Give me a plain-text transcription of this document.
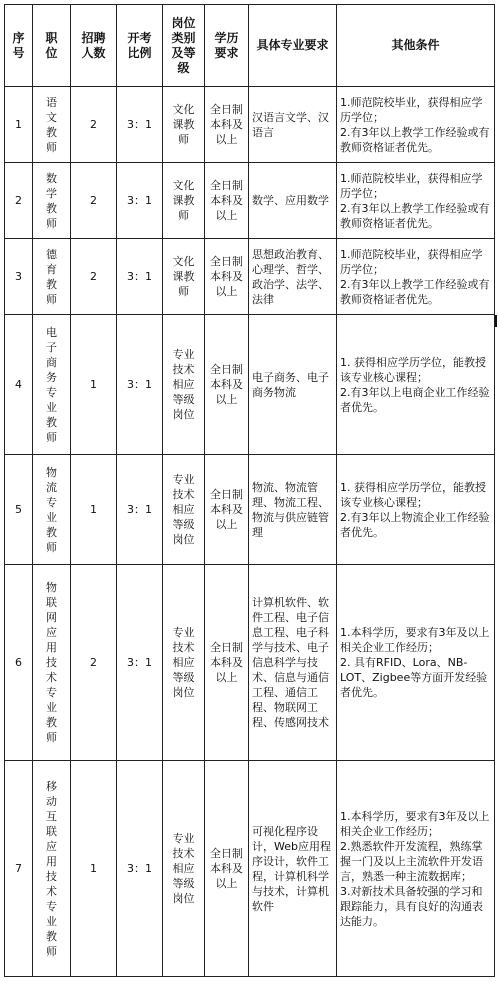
序号	职位	招聘人数	开考比例	岗位类别及等级	学历要求	具体专业要求	其他条件
1	语文教师	2	3：1	文化课教师	全日制本科及以上	汉语言文学、汉语言	1.师范院校毕业，获得相应学历学位；
2.有3年以上教学工作经验或有教师资格证者优先。

2	数学教师	2	3：1	文化课教师	全日制本科及以上	数学、应用数学	1.师范院校毕业，获得相应学历学位；
2.有3年以上教学工作经验或有教师资格证者优先。

3	德育教师	2	3：1	文化课教师	全日制本科及以上	思想政治教育、心理学、哲学、政治学、法学、法律	1.师范院校毕业，获得相应学历学位；
2.有3年以上教学工作经验或有教师资格证者优先。

4	电子商务专业教师	1	3：1	专业技术相应等级岗位	全日制本科及以上	电子商务、电子商务物流	1. 获得相应学历学位，能教授该专业核心课程；
2.有3年以上电商企业工作经验者优先。

5	物流专业教师	1	3：1	专业技术相应等级岗位	全日制本科及以上	物流、物流管理、物流工程、物流与供应链管理	1. 获得相应学历学位，能教授该专业核心课程；
2.有3年以上物流企业工作经验者优先。

6	物联网应用技术专业教师	2	3：1	专业技术相应等级岗位	全日制本科及以上	计算机软件、软件工程、电子信息工程、电子科学与技术、电子信息科学与技术、信息与通信工程、通信工程、物联网工程、传感网技术	1.本科学历，要求有3年及以上相关企业工作经历；
2. 具有RFID、Lora、NB-LOT、Zigbee等方面开发经验者优先。

7	移动互联应用技术专业教师	1	3：1	专业技术相应等级岗位	全日制本科及以上	可视化程序设计，Web应用程序设计，软件工程，计算机科学与技术，计算机软件	1.本科学历，要求有3年及以上相关企业工作经历；
2.熟悉软件开发流程，熟练掌握一门及以上主流软件开发语言，熟悉一种主流数据库；
3.对新技术具备较强的学习和跟踪能力，具有良好的沟通表达能力。
